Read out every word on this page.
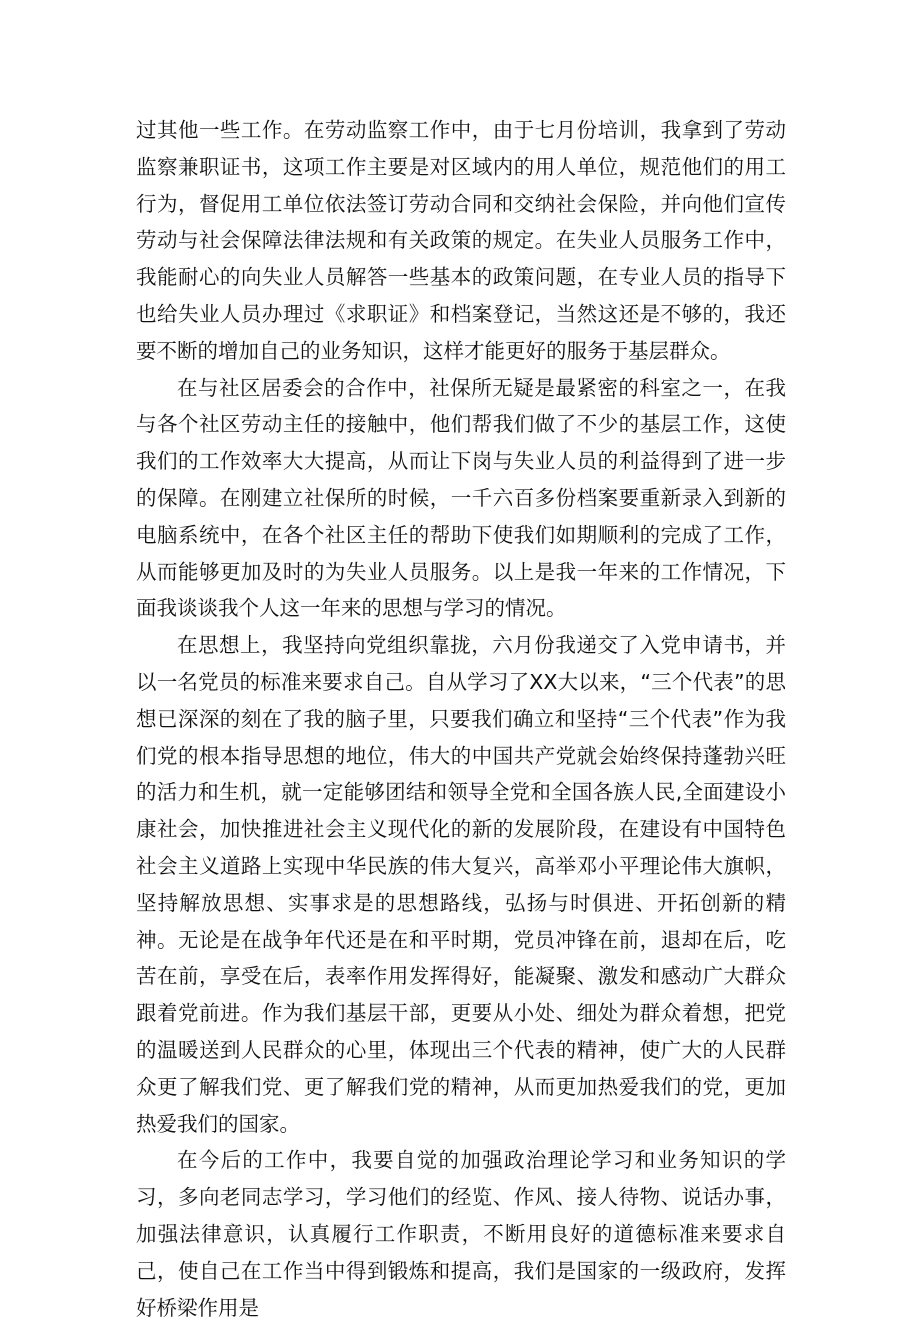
过其他一些工作。在劳动监察工作中，由于七月份培训，我拿到了劳动监察兼职证书，这项工作主要是对区域内的用人单位，规范他们的用工行为，督促用工单位依法签订劳动合同和交纳社会保险，并向他们宣传劳动与社会保障法律法规和有关政策的规定。在失业人员服务工作中，我能耐心的向失业人员解答一些基本的政策问题，在专业人员的指导下也给失业人员办理过《求职证》和档案登记，当然这还是不够的，我还要不断的增加自己的业务知识，这样才能更好的服务于基层群众。

在与社区居委会的合作中，社保所无疑是最紧密的科室之一，在我与各个社区劳动主任的接触中，他们帮我们做了不少的基层工作，这使我们的工作效率大大提高，从而让下岗与失业人员的利益得到了进一步的保障。在刚建立社保所的时候，一千六百多份档案要重新录入到新的电脑系统中，在各个社区主任的帮助下使我们如期顺利的完成了工作，从而能够更加及时的为失业人员服务。以上是我一年来的工作情况，下面我谈谈我个人这一年来的思想与学习的情况。

在思想上，我坚持向党组织靠拢，六月份我递交了入党申请书，并以一名党员的标准来要求自己。自从学习了XX大以来，“三个代表”的思想已深深的刻在了我的脑子里，只要我们确立和坚持“三个代表”作为我们党的根本指导思想的地位，伟大的中国共产党就会始终保持蓬勃兴旺的活力和生机，就一定能够团结和领导全党和全国各族人民,全面建设小康社会，加快推进社会主义现代化的新的发展阶段，在建设有中国特色社会主义道路上实现中华民族的伟大复兴，高举邓小平理论伟大旗帜，坚持解放思想、实事求是的思想路线，弘扬与时俱进、开拓创新的精神。无论是在战争年代还是在和平时期，党员冲锋在前，退却在后，吃苦在前，享受在后，表率作用发挥得好，能凝聚、激发和感动广大群众跟着党前进。作为我们基层干部，更要从小处、细处为群众着想，把党的温暖送到人民群众的心里，体现出三个代表的精神，使广大的人民群众更了解我们党、更了解我们党的精神，从而更加热爱我们的党，更加热爱我们的国家。

在今后的工作中，我要自觉的加强政治理论学习和业务知识的学习，多向老同志学习，学习他们的经览、作风、接人待物、说话办事，加强法律意识，认真履行工作职责，不断用良好的道德标准来要求自己，使自己在工作当中得到锻炼和提高，我们是国家的一级政府，发挥好桥梁作用是
